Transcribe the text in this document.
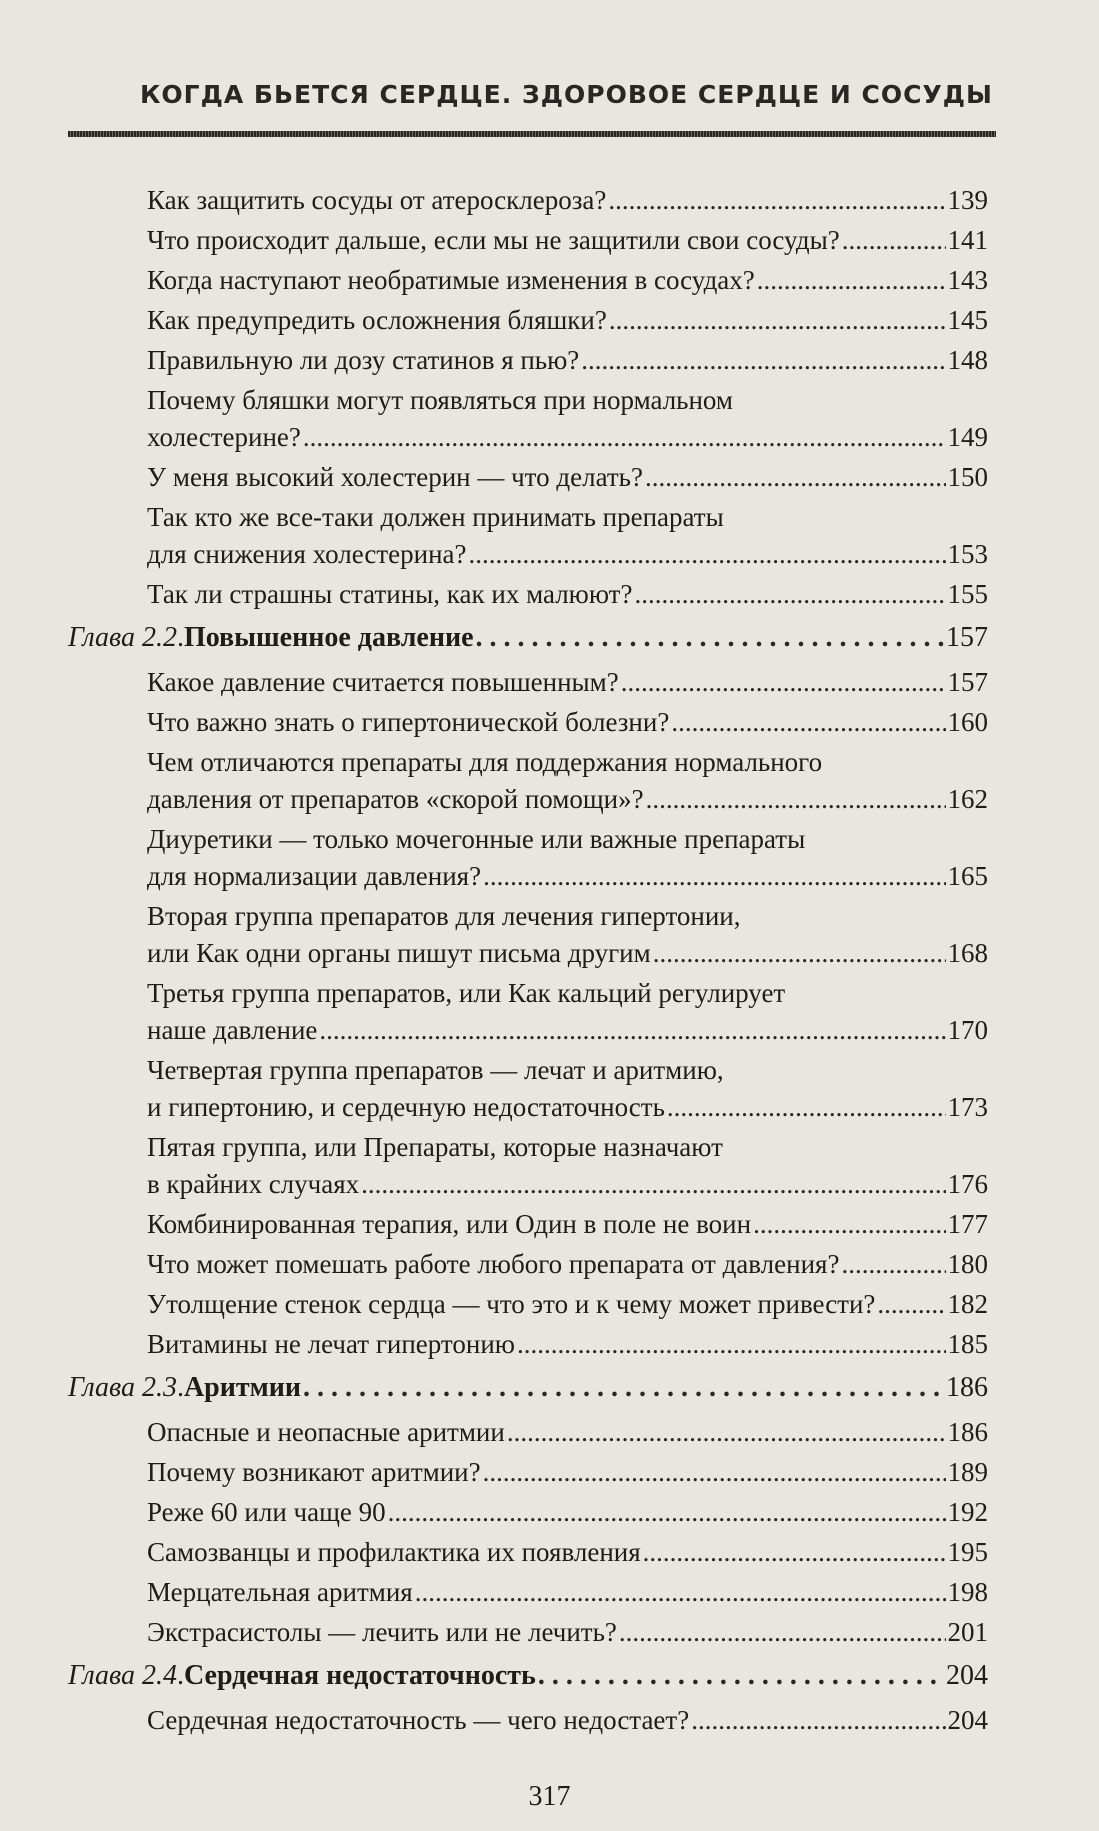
КОГДА БЬЕТСЯ СЕРДЦЕ. ЗДОРОВОЕ СЕРДЦЕ И СОСУДЫ
Как защитить сосуды от атеросклероза? .....	139
Что происходит дальше, если мы не защитили свои сосуды? .....	141
Когда наступают необратимые изменения в сосудах? .....	143
Как предупредить осложнения бляшки? .....	145
Правильную ли дозу статинов я пью? .....	148
Почему бляшки могут появляться при нормальном
холестерине? .....	149
У меня высокий холестерин — что делать? .....	150
Так кто же все-таки должен принимать препараты
для снижения холестерина? .....	153
Так ли страшны статины, как их малюют? .....	155
Глава 2.2 . Повышенное давление . . .	157
Какое давление считается повышенным? .....	157
Что важно знать о гипертонической болезни? .....	160
Чем отличаются препараты для поддержания нормального
давления от препаратов «скорой помощи»? .....	162
Диуретики — только мочегонные или важные препараты
для нормализации давления? .....	165
Вторая группа препаратов для лечения гипертонии,
или Как одни органы пишут письма другим .....	168
Третья группа препаратов, или Как кальций регулирует
наше давление .....	170
Четвертая группа препаратов — лечат и аритмию,
и гипертонию, и сердечную недостаточность .....	173
Пятая группа, или Препараты, которые назначают
в крайних случаях .....	176
Комбинированная терапия, или Один в поле не воин .....	177
Что может помешать работе любого препарата от давления? .....	180
Утолщение стенок сердца — что это и к чему может привести? .....	182
Витамины не лечат гипертонию .....	185
Глава 2.3 . Аритмии . . .	186
Опасные и неопасные аритмии .....	186
Почему возникают аритмии? .....	189
Реже 60 или чаще 90 .....	192
Самозванцы и профилактика их появления .....	195
Мерцательная аритмия .....	198
Экстрасистолы — лечить или не лечить? .....	201
Глава 2.4 . Сердечная недостаточность . . .	204
Сердечная недостаточность — чего недостает? .....	204
317
